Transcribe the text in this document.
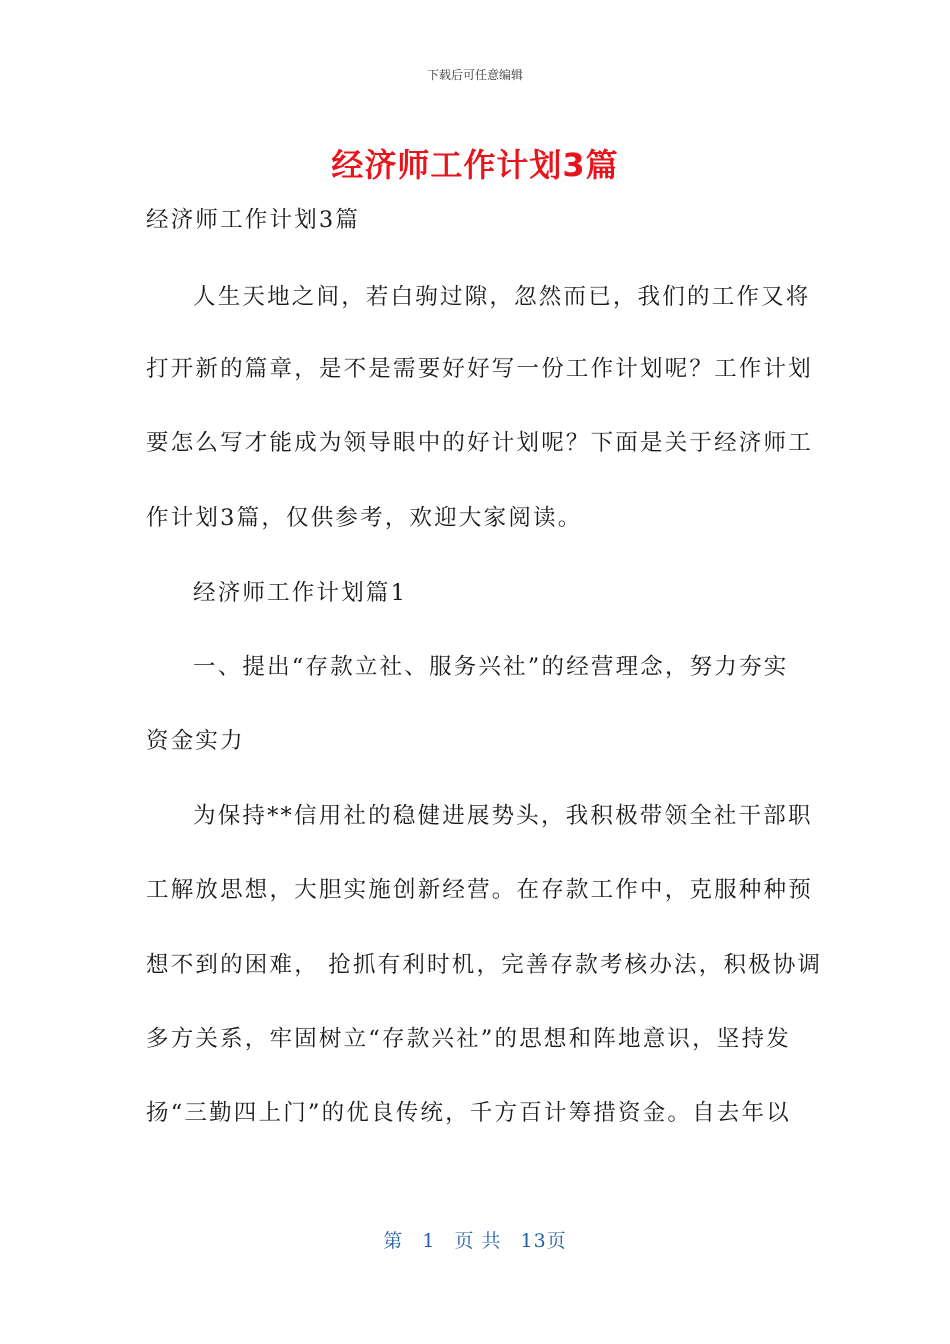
下载后可任意编辑
经济师工作计划3篇
经济师工作计划3篇
人生天地之间，若白驹过隙，忽然而已，我们的工作又将
打开新的篇章，是不是需要好好写一份工作计划呢？工作计划
要怎么写才能成为领导眼中的好计划呢？下面是关于经济师工
作计划3篇，仅供参考，欢迎大家阅读。
经济师工作计划篇1
一、提出“存款立社、服务兴社”的经营理念，努力夯实
资金实力
为保持**信用社的稳健进展势头，我积极带领全社干部职
工解放思想，大胆实施创新经营。在存款工作中，克服种种预
想不到的困难， 抢抓有利时机，完善存款考核办法，积极协调
多方关系，牢固树立“存款兴社”的思想和阵地意识，坚持发
扬“三勤四上门”的优良传统，千方百计筹措资金。自去年以
第 1 页 共 13页
